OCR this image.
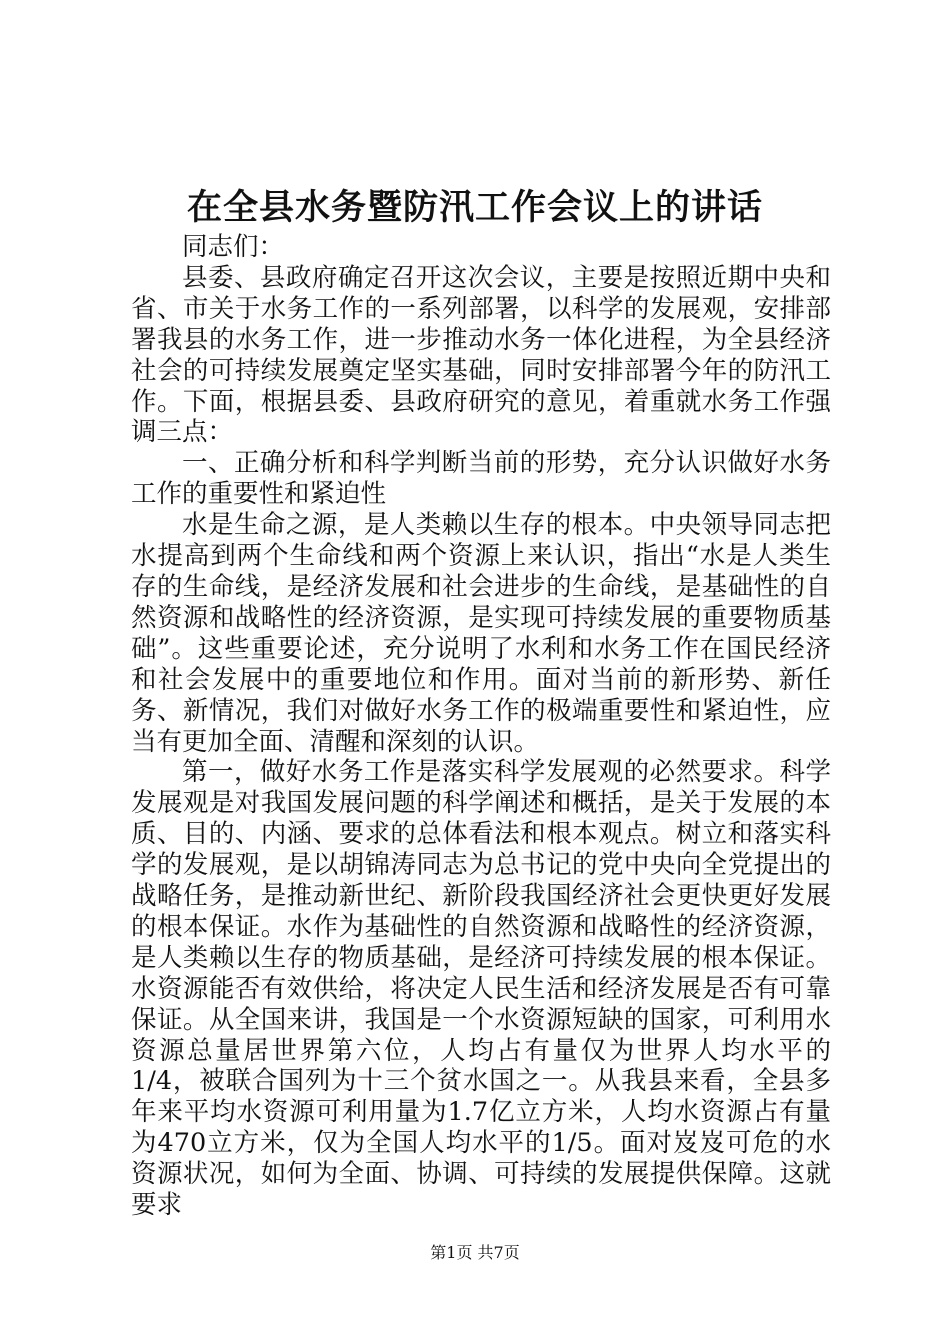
在全县水务暨防汛工作会议上的讲话

同志们：

县委、县政府确定召开这次会议，主要是按照近期中央和省、市关于水务工作的一系列部署，以科学的发展观，安排部署我县的水务工作，进一步推动水务一体化进程，为全县经济社会的可持续发展奠定坚实基础，同时安排部署今年的防汛工作。下面，根据县委、县政府研究的意见，着重就水务工作强调三点：

一、正确分析和科学判断当前的形势，充分认识做好水务工作的重要性和紧迫性

水是生命之源，是人类赖以生存的根本。中央领导同志把水提高到两个生命线和两个资源上来认识，指出“水是人类生存的生命线，是经济发展和社会进步的生命线，是基础性的自然资源和战略性的经济资源，是实现可持续发展的重要物质基础”。这些重要论述，充分说明了水利和水务工作在国民经济和社会发展中的重要地位和作用。面对当前的新形势、新任务、新情况，我们对做好水务工作的极端重要性和紧迫性，应当有更加全面、清醒和深刻的认识。

第一，做好水务工作是落实科学发展观的必然要求。科学发展观是对我国发展问题的科学阐述和概括，是关于发展的本质、目的、内涵、要求的总体看法和根本观点。树立和落实科学的发展观，是以胡锦涛同志为总书记的党中央向全党提出的战略任务，是推动新世纪、新阶段我国经济社会更快更好发展的根本保证。水作为基础性的自然资源和战略性的经济资源，是人类赖以生存的物质基础，是经济可持续发展的根本保证。水资源能否有效供给，将决定人民生活和经济发展是否有可靠保证。从全国来讲，我国是一个水资源短缺的国家，可利用水资源总量居世界第六位，人均占有量仅为世界人均水平的1/4，被联合国列为十三个贫水国之一。从我县来看，全县多年来平均水资源可利用量为1.7亿立方米，人均水资源占有量为470立方米，仅为全国人均水平的1/5。面对岌岌可危的水资源状况，如何为全面、协调、可持续的发展提供保障。这就要求

第1页 共7页
